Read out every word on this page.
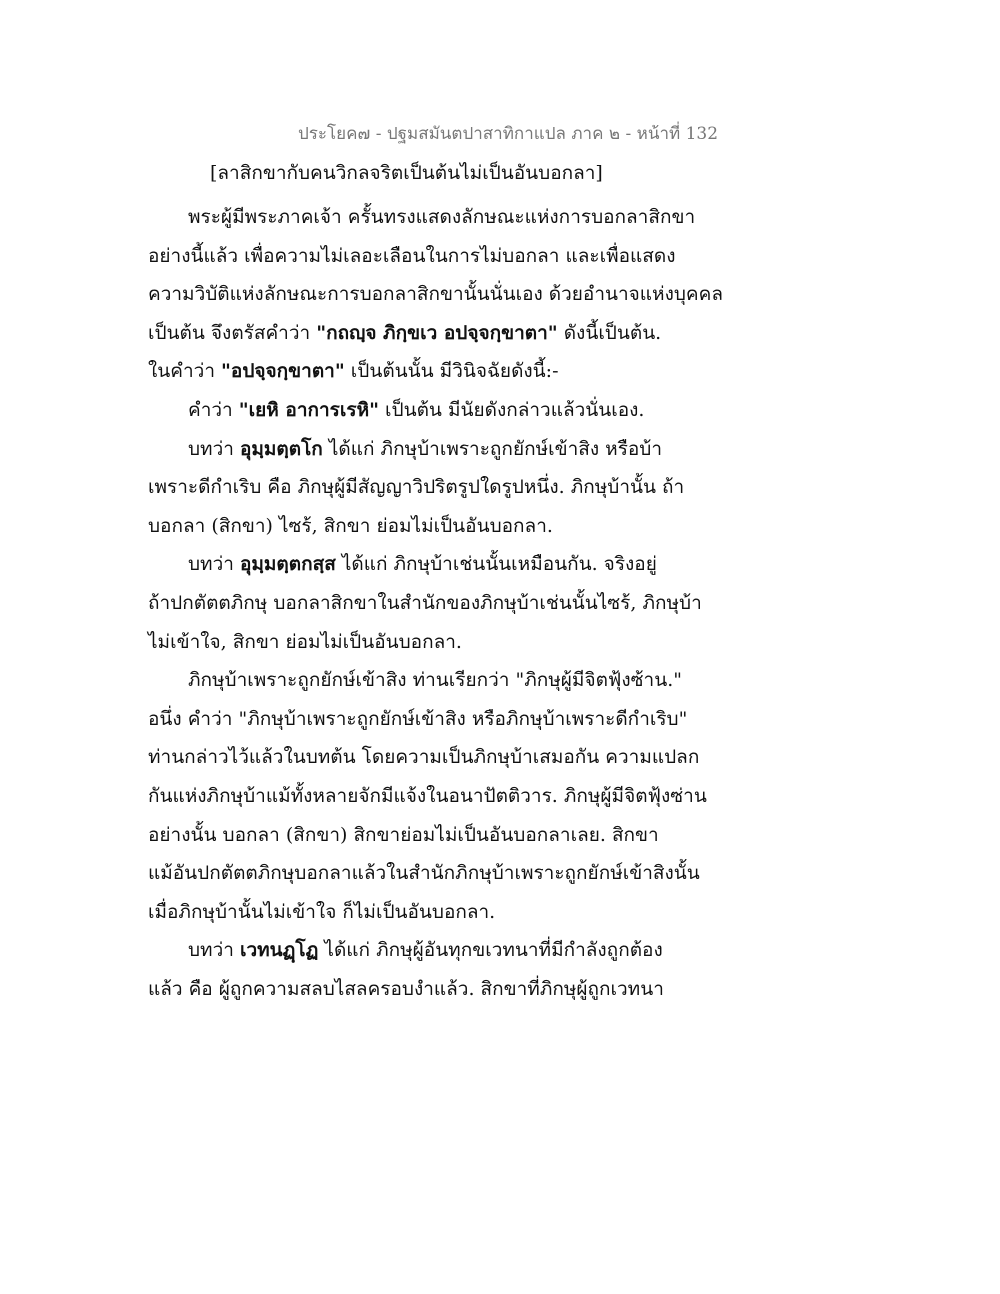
ประโยค๗ - ปฐมสมันตปาสาทิกาแปล ภาค ๒ - หน้าที่ 132
[ลาสิกขากับคนวิกลจริตเป็นต้นไม่เป็นอันบอกลา]
พระผู้มีพระภาคเจ้า ครั้นทรงแสดงลักษณะแห่งการบอกลาสิกขา
อย่างนี้แล้ว เพื่อความไม่เลอะเลือนในการไม่บอกลา และเพื่อแสดง
ความวิบัติแห่งลักษณะการบอกลาสิกขานั้นนั่นเอง ด้วยอำนาจแห่งบุคคล
เป็นต้น จึงตรัสคำว่า "กถญฺจ ภิกฺขเว อปจฺจกฺขาตา" ดังนี้เป็นต้น.
ในคำว่า "อปจฺจกฺขาตา" เป็นต้นนั้น มีวินิจฉัยดังนี้:-
คำว่า "เยหิ อาการเรหิ" เป็นต้น มีนัยดังกล่าวแล้วนั่นเอง.
บทว่า อุมฺมตฺตโก ได้แก่ ภิกษุบ้าเพราะถูกยักษ์เข้าสิง หรือบ้า
เพราะดีกำเริบ คือ ภิกษุผู้มีสัญญาวิปริตรูปใดรูปหนึ่ง. ภิกษุบ้านั้น ถ้า
บอกลา (สิกขา) ไซร้, สิกขา ย่อมไม่เป็นอันบอกลา.
บทว่า อุมฺมตฺตกสฺส ได้แก่ ภิกษุบ้าเช่นนั้นเหมือนกัน. จริงอยู่
ถ้าปกตัตตภิกษุ บอกลาสิกขาในสำนักของภิกษุบ้าเช่นนั้นไซร้, ภิกษุบ้า
ไม่เข้าใจ, สิกขา ย่อมไม่เป็นอันบอกลา.
ภิกษุบ้าเพราะถูกยักษ์เข้าสิง ท่านเรียกว่า "ภิกษุผู้มีจิตฟุ้งซ้าน."
อนึ่ง คำว่า "ภิกษุบ้าเพราะถูกยักษ์เข้าสิง หรือภิกษุบ้าเพราะดีกำเริบ"
ท่านกล่าวไว้แล้วในบทต้น โดยความเป็นภิกษุบ้าเสมอกัน ความแปลก
กันแห่งภิกษุบ้าแม้ทั้งหลายจักมีแจ้งในอนาปัตติวาร. ภิกษุผู้มีจิตฟุ้งซ่าน
อย่างนั้น บอกลา (สิกขา) สิกขาย่อมไม่เป็นอันบอกลาเลย. สิกขา
แม้อันปกตัตตภิกษุบอกลาแล้วในสำนักภิกษุบ้าเพราะถูกยักษ์เข้าสิงนั้น
เมื่อภิกษุบ้านั้นไม่เข้าใจ ก็ไม่เป็นอันบอกลา.
บทว่า เวทนฏฺโฏ ได้แก่ ภิกษุผู้อันทุกขเวทนาที่มีกำลังถูกต้อง
แล้ว คือ ผู้ถูกความสลบไสลครอบงำแล้ว. สิกขาที่ภิกษุผู้ถูกเวทนา
